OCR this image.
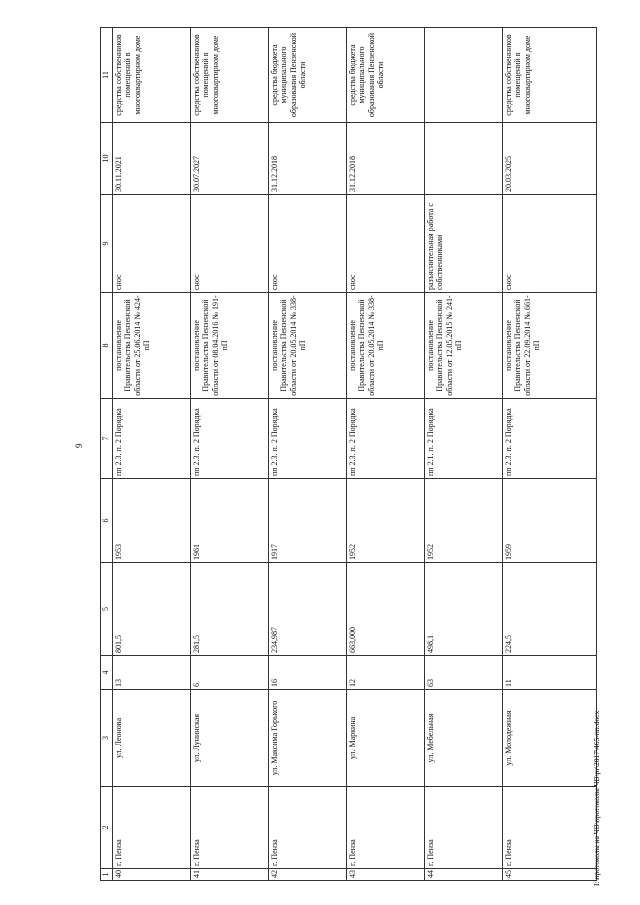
9
1	2	3	4	5	6	7	8	9	10	11
40	г. Пенза	ул. Леонова	13	801,5	1953	пп 2.3. п. 2 Порядка	постановление Правительства Пензенской области от 25.06.2014 № 424-пП	снос	30.11.2021	средства собственников помещений в многоквартирном доме
41	г. Пенза	ул. Лунинская	6	281,5	1961	пп 2.3. п. 2 Порядка	постановление Правительства Пензенской области от 08.04.2016 № 191-пП	снос	30.07.2027	средства собственников помещений в многоквартирном доме
42	г. Пенза	ул. Максима Горького	16	234,987	1917	пп 2.3. п. 2 Порядка	постановление Правительства Пензенской области от 20.05.2014 № 338-пП	снос	31.12.2018	средства бюджета муниципального образования Пензенской области
43	г. Пенза	ул. Маркина	12	663,000	1952	пп 2.3. п. 2 Порядка	постановление Правительства Пензенской области от 20.05.2014 № 338-пП	снос	31.12.2018	средства бюджета муниципального образования Пензенской области
44	г. Пенза	ул. Мебельная	63	498,1	1952	пп 2.1. п. 2 Порядка	постановление Правительства Пензенской области от 12.05.2015 № 241-пП	разъяснительная работа с собственниками		
45	г. Пенза	ул. Молодежная	11	224,5	1959	пп 2.3. п. 2 Порядка	постановление Правительства Пензенской области от 22.09.2014 № 661-пП	снос	20.03.2025	средства собственников помещений в многоквартирном доме
I:\протоколы на ЧВ\протоколы ЧВ\pr\2017\465-пп.docx
